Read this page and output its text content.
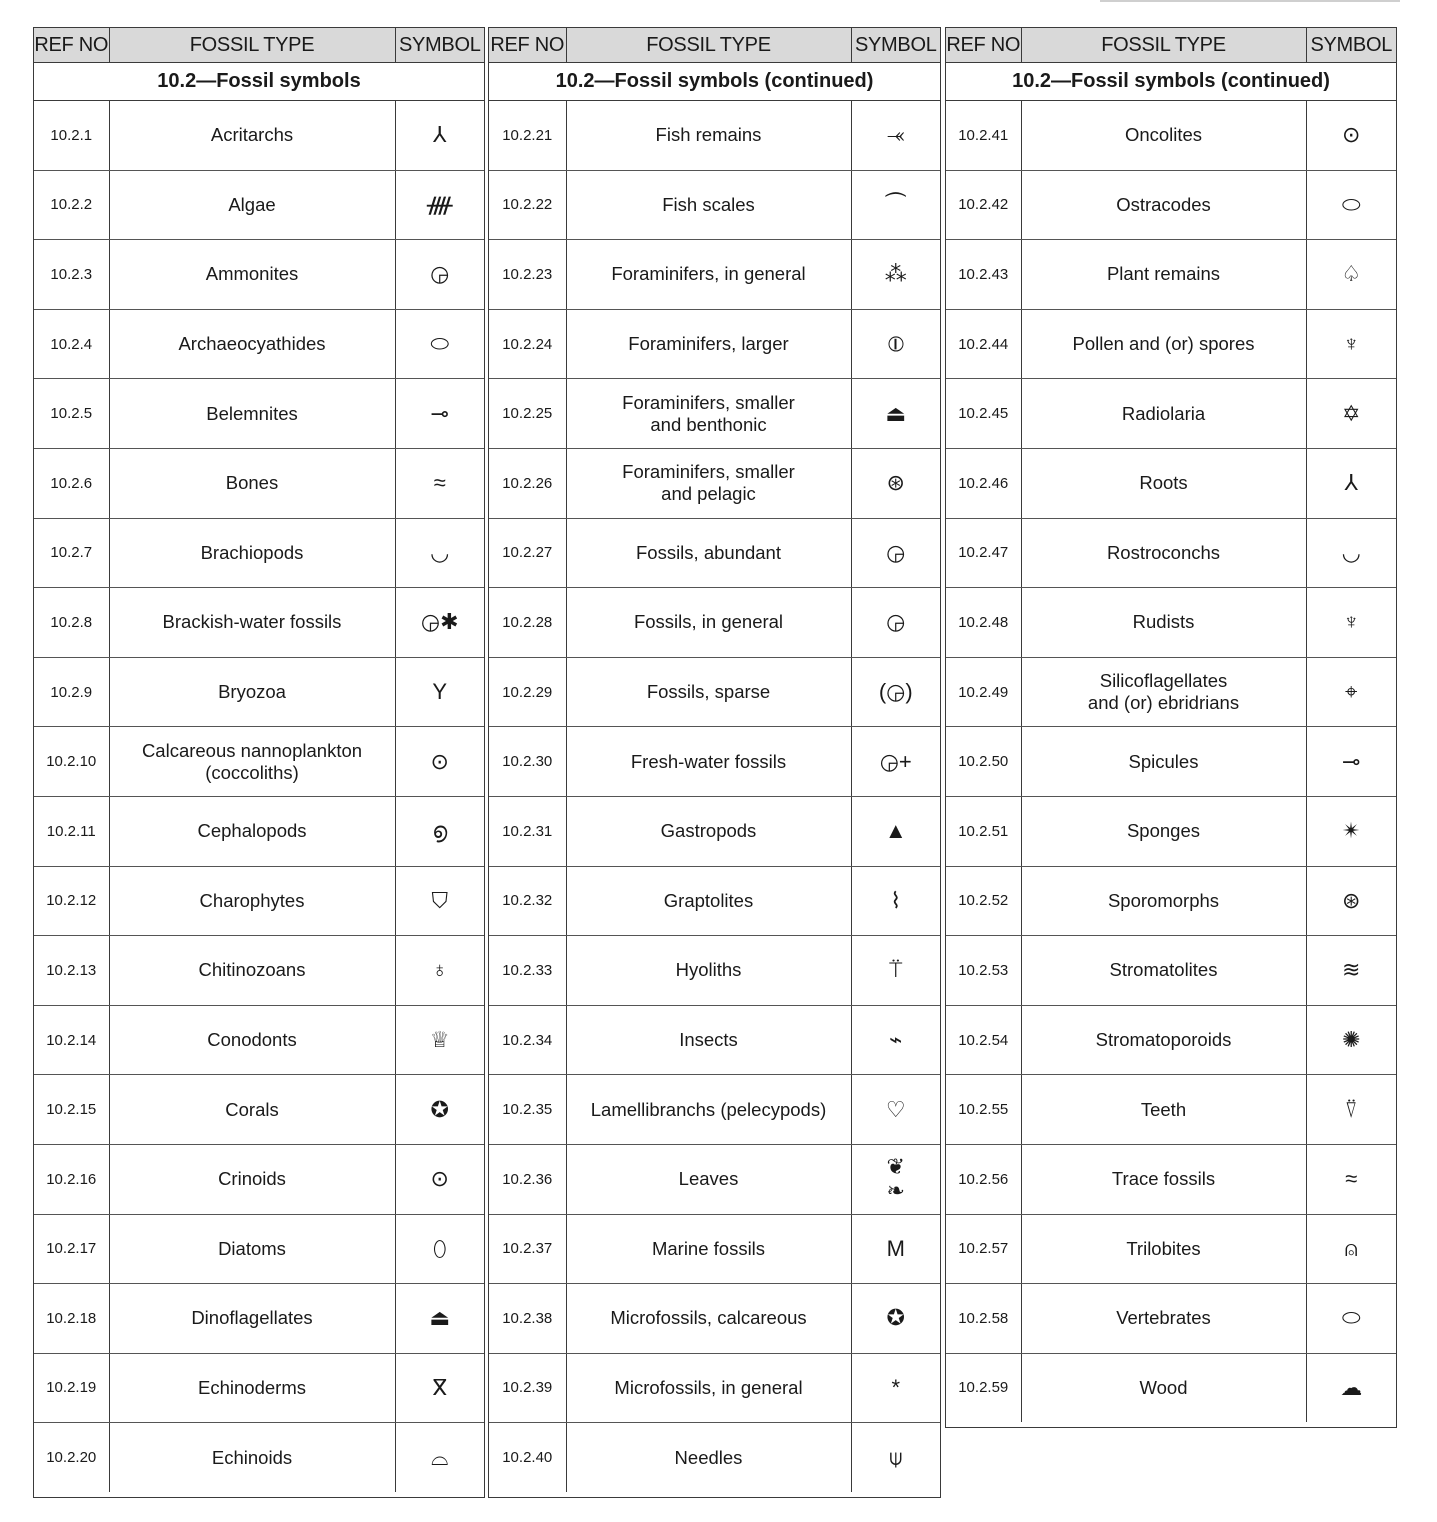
REF NO	FOSSIL TYPE	SYMBOL
10.2—Fossil symbols		
10.2.1	Acritarchs	⅄
10.2.2	Algae	ᚎ
10.2.3	Ammonites	◶
10.2.4	Archaeocyathides	⬭
10.2.5	Belemnites	⊸
10.2.6	Bones	≈
10.2.7	Brachiopods	◡
10.2.8	Brackish-water fossils	◶✱
10.2.9	Bryozoa	Y
10.2.10	Calcareous nannoplankton
(coccoliths)	⊙
10.2.11	Cephalopods	൭
10.2.12	Charophytes	⛉
10.2.13	Chitinozoans	♁
10.2.14	Conodonts	♕
10.2.15	Corals	✪
10.2.16	Crinoids	⊙
10.2.17	Diatoms	⬯
10.2.18	Dinoflagellates	⏏
10.2.19	Echinoderms	ⴳ
10.2.20	Echinoids	⌓
REF NO	FOSSIL TYPE	SYMBOL
10.2—Fossil symbols (continued)		
10.2.21	Fish remains	⤛
10.2.22	Fish scales	⏜
10.2.23	Foraminifers, in general	⁂
10.2.24	Foraminifers, larger	⦶
10.2.25	Foraminifers, smaller
and benthonic	⏏
10.2.26	Foraminifers, smaller
and pelagic	⊛
10.2.27	Fossils, abundant	◶
10.2.28	Fossils, in general	◶
10.2.29	Fossils, sparse	(◶)
10.2.30	Fresh-water fossils	◶+
10.2.31	Gastropods	▲
10.2.32	Graptolites	⌇
10.2.33	Hyoliths	⍡
10.2.34	Insects	⌁
10.2.35	Lamellibranchs (pelecypods)	♡
10.2.36	Leaves	❦
❧
10.2.37	Marine fossils	M
10.2.38	Microfossils, calcareous	✪
10.2.39	Microfossils, in general	*
10.2.40	Needles	⍦
REF NO	FOSSIL TYPE	SYMBOL
10.2—Fossil symbols (continued)		
10.2.41	Oncolites	⊙
10.2.42	Ostracodes	⬭
10.2.43	Plant remains	♤
10.2.44	Pollen and (or) spores	♆
10.2.45	Radiolaria	✡
10.2.46	Roots	⅄
10.2.47	Rostroconchs	◡
10.2.48	Rudists	♆
10.2.49	Silicoflagellates
and (or) ebridrians	⌖
10.2.50	Spicules	⊸
10.2.51	Sponges	✴
10.2.52	Sporomorphs	⊛
10.2.53	Stromatolites	≋
10.2.54	Stromatoporoids	✺
10.2.55	Teeth	⍢
10.2.56	Trace fossils	≈
10.2.57	Trilobites	⍝
10.2.58	Vertebrates	⬭
10.2.59	Wood	☁
